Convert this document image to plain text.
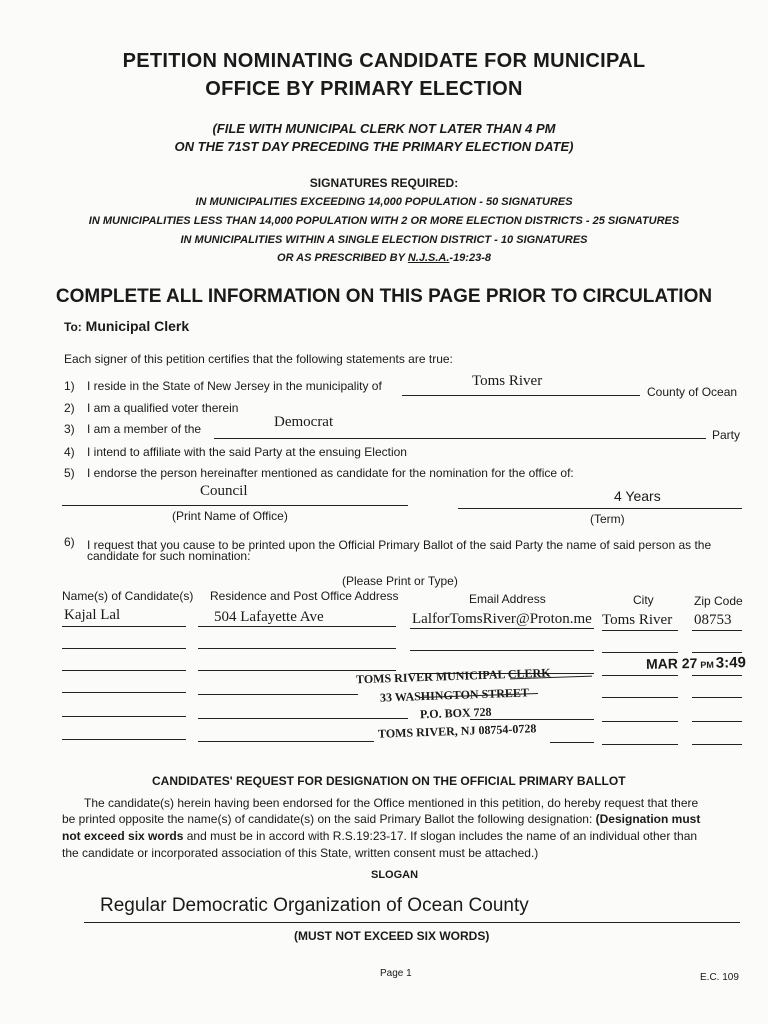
PETITION NOMINATING CANDIDATE FOR MUNICIPAL
OFFICE BY PRIMARY ELECTION
(FILE WITH MUNICIPAL CLERK NOT LATER THAN 4 PM
ON THE 71ST DAY PRECEDING THE PRIMARY ELECTION DATE)
SIGNATURES REQUIRED:
IN MUNICIPALITIES EXCEEDING 14,000 POPULATION - 50 SIGNATURES
IN MUNICIPALITIES LESS THAN 14,000 POPULATION WITH 2 OR MORE ELECTION DISTRICTS - 25 SIGNATURES
IN MUNICIPALITIES WITHIN A SINGLE ELECTION DISTRICT - 10 SIGNATURES
OR AS PRESCRIBED BY N.J.S.A.-19:23-8
COMPLETE ALL INFORMATION ON THIS PAGE PRIOR TO CIRCULATION
To: Municipal Clerk
Each signer of this petition certifies that the following statements are true:
1) I reside in the State of New Jersey in the municipality of	Toms River
County of Ocean
2) I am a qualified voter therein
3) I am a member of the	Democrat
Party
4) I intend to affiliate with the said Party at the ensuing Election
5) I endorse the person hereinafter mentioned as candidate for the nomination for the office of:
Council
(Print Name of Office)
4 Years
(Term)
6) I request that you cause to be printed upon the Official Primary Ballot of the said Party the name of said person as the
candidate for such nomination:
(Please Print or Type)
Name(s) of Candidate(s) Residence and Post Office Address	Email Address	City	Zip Code
Kajal Lal	504 Lafayette Ave	LalforTomsRiver@Proton.me Toms River 08753
TOMS RIVER MUNICIPAL CLERK
33 WASHINGTON STREET
P.O. BOX 728
TOMS RIVER, NJ 08754-0728
MAR 27 PM 3:49
CANDIDATES' REQUEST FOR DESIGNATION ON THE OFFICIAL PRIMARY BALLOT
The candidate(s) herein having been endorsed for the Office mentioned in this petition, do hereby request that there
be printed opposite the name(s) of candidate(s) on the said Primary Ballot the following designation: (Designation must
not exceed six words and must be in accord with R.S.19:23-17. If slogan includes the name of an individual other than
the candidate or incorporated association of this State, written consent must be attached.)
SLOGAN
Regular Democratic Organization of Ocean County
(MUST NOT EXCEED SIX WORDS)
Page 1	E.C. 109
